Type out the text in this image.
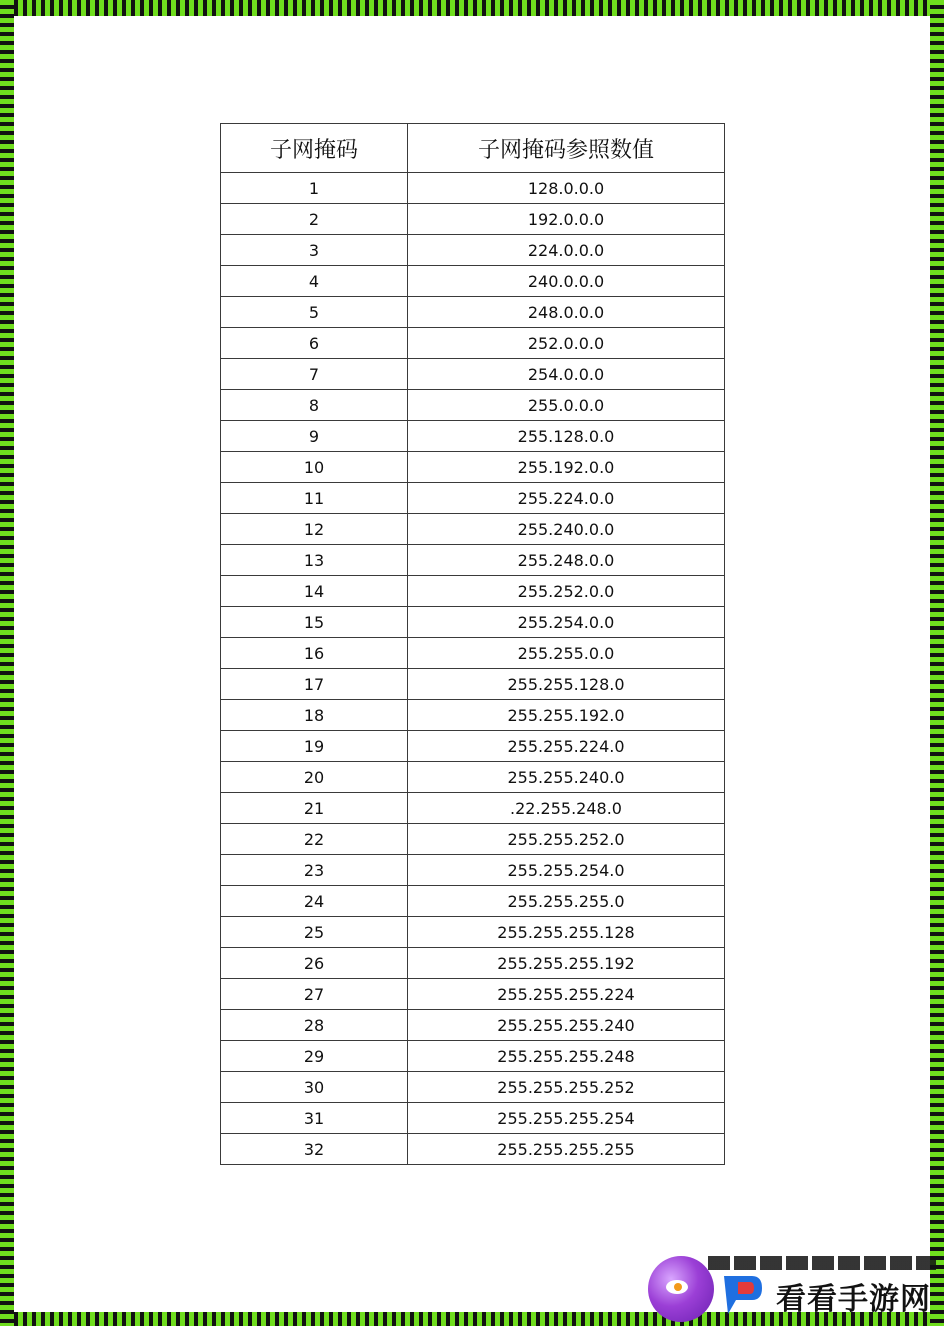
子网掩码	子网掩码参照数值
1	128.0.0.0
2	192.0.0.0
3	224.0.0.0
4	240.0.0.0
5	248.0.0.0
6	252.0.0.0
7	254.0.0.0
8	255.0.0.0
9	255.128.0.0
10	255.192.0.0
11	255.224.0.0
12	255.240.0.0
13	255.248.0.0
14	255.252.0.0
15	255.254.0.0
16	255.255.0.0
17	255.255.128.0
18	255.255.192.0
19	255.255.224.0
20	255.255.240.0
21	.22.255.248.0
22	255.255.252.0
23	255.255.254.0
24	255.255.255.0
25	255.255.255.128
26	255.255.255.192
27	255.255.255.224
28	255.255.255.240
29	255.255.255.248
30	255.255.255.252
31	255.255.255.254
32	255.255.255.255
看看手游网
